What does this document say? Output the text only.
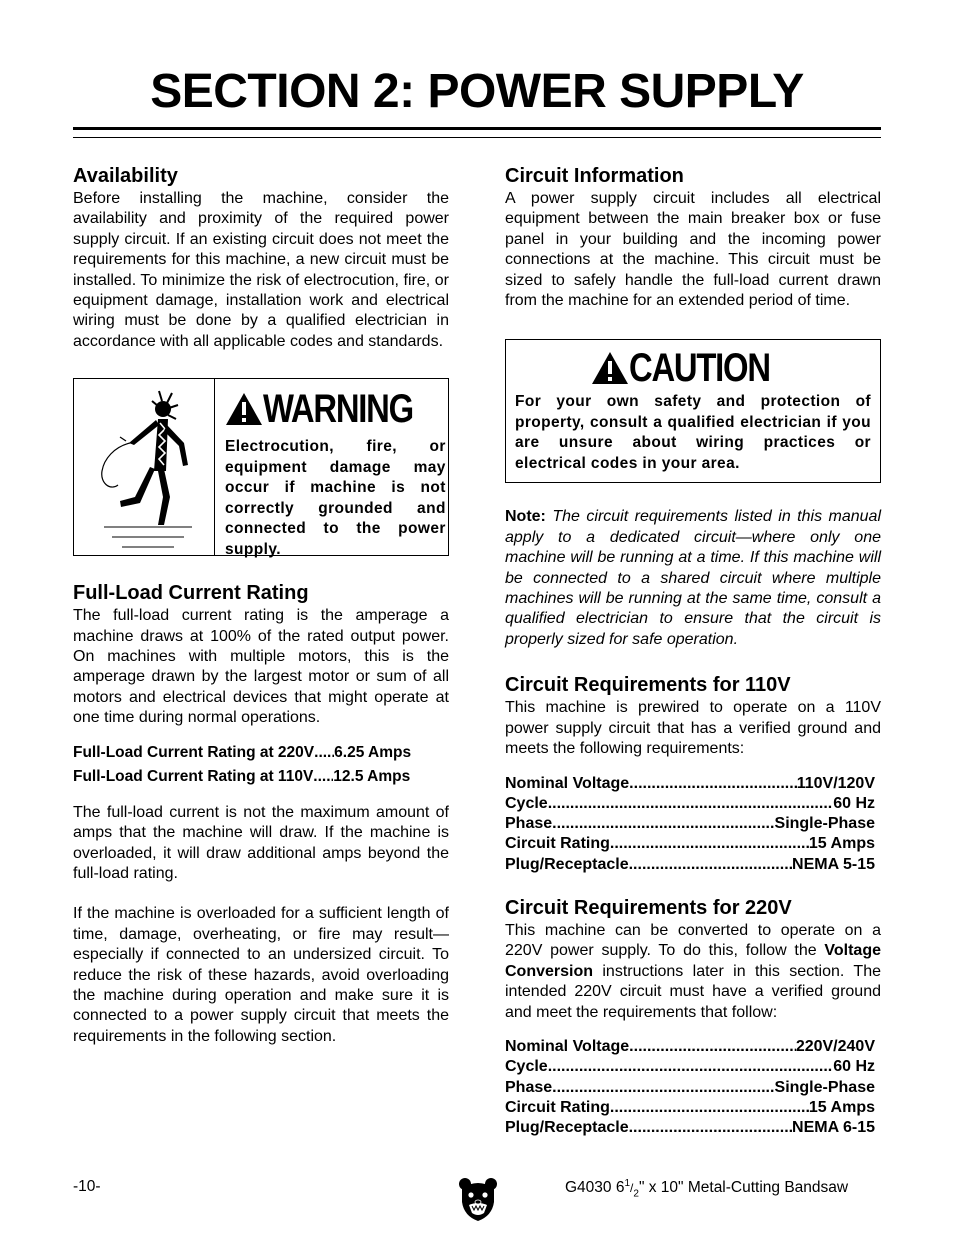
SECTION 2: POWER SUPPLY
Availability

Before installing the machine, consider the availability and proximity of the required power supply circuit. If an existing circuit does not meet the requirements for this machine, a new circuit must be installed. To minimize the risk of electrocution, fire, or equipment damage, installation work and electrical wiring must be done by a qualified electrician in accordance with all applicable codes and standards.

WARNING
Electrocution, fire, or equipment damage may occur if machine is not correctly grounded and connected to the power supply.
Full-Load Current Rating

The full-load current rating is the amperage a machine draws at 100% of the rated output power. On machines with multiple motors, this is the amperage drawn by the largest motor or sum of all motors and electrical devices that might operate at one time during normal operations.

Full-Load Current Rating at 220V ..... 6.25 Amps
Full-Load Current Rating at 110V ..... 12.5 Amps

The full-load current is not the maximum amount of amps that the machine will draw. If the machine is overloaded, it will draw additional amps beyond the full-load rating.

If the machine is overloaded for a sufficient length of time, damage, overheating, or fire may result—especially if connected to an undersized circuit. To reduce the risk of these hazards, avoid overloading the machine during operation and make sure it is connected to a power supply circuit that meets the requirements in the following section.

Circuit Information

A power supply circuit includes all electrical equipment between the main breaker box or fuse panel in your building and the incoming power connections at the machine. This circuit must be sized to safely handle the full-load current drawn from the machine for an extended period of time.

CAUTION
For your own safety and protection of property, consult a qualified electrician if you are unsure about wiring practices or electrical codes in your area.

Note: The circuit requirements listed in this manual apply to a dedicated circuit—where only one machine will be running at a time. If this machine will be connected to a shared circuit where multiple machines will be running at the same time, consult a qualified electrician to ensure that the circuit is properly sized for safe operation.

Circuit Requirements for 110V

This machine is prewired to operate on a 110V power supply circuit that has a verified ground and meets the following requirements:

Nominal Voltage .....	110V/120V
Cycle .....	60 Hz
Phase .....	Single-Phase
Circuit Rating .....	15 Amps
Plug/Receptacle .....	NEMA 5-15
Circuit Requirements for 220V

This machine can be converted to operate on a 220V power supply. To do this, follow the Voltage Conversion instructions later in this section. The intended 220V circuit must have a verified ground and meet the requirements that follow:

Nominal Voltage .....	220V/240V
Cycle .....	60 Hz
Phase .....	Single-Phase
Circuit Rating .....	15 Amps
Plug/Receptacle .....	NEMA 6-15
-10-	G4030 $6^1/_2$" x 10" Metal-Cutting Bandsaw
